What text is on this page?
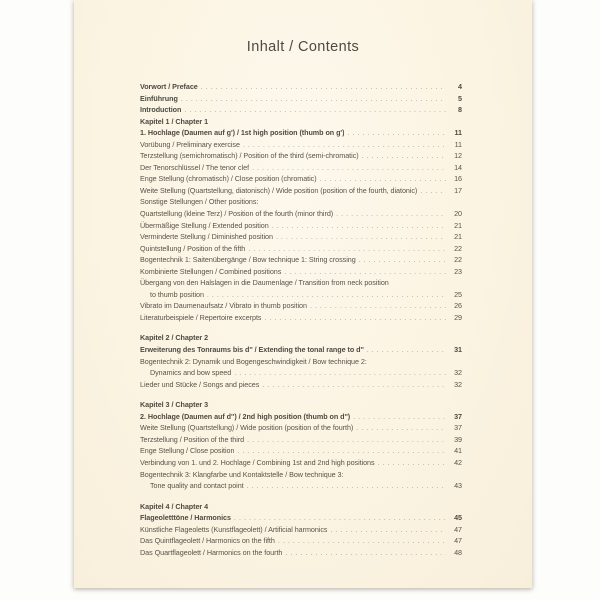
Inhalt / Contents
Vorwort / Preface . . .	4
Einführung . . .	5
Introduction . . .	8
Kapitel 1 / Chapter 1
1. Hochlage (Daumen auf g') / 1st high position (thumb on g') . . .	11
Vorübung / Preliminary exercise . . .	11
Terzstellung (semichromatisch) / Position of the third (semi-chromatic) . . .	12
Der Tenorschlüssel / The tenor clef . . .	14
Enge Stellung (chromatisch) / Close position (chromatic) . . .	16
Weite Stellung (Quartstellung, diatonisch) / Wide position (position of the fourth, diatonic) . . .	17
Sonstige Stellungen / Other positions:
Quartstellung (kleine Terz) / Position of the fourth (minor third) . . .	20
Übermäßige Stellung / Extended position . . .	21
Verminderte Stellung / Diminished position . . .	21
Quintstellung / Position of the fifth . . .	22
Bogentechnik 1: Saitenübergänge / Bow technique 1: String crossing . . .	22
Kombinierte Stellungen / Combined positions . . .	23
Übergang von den Halslagen in die Daumenlage / Transition from neck position
to thumb position . . .	25
Vibrato im Daumenaufsatz / Vibrato in thumb position . . .	26
Literaturbeispiele / Repertoire excerpts . . .	29
Kapitel 2 / Chapter 2
Erweiterung des Tonraums bis d'' / Extending the tonal range to d'' . . .	31
Bogentechnik 2: Dynamik und Bogengeschwindigkeit / Bow technique 2:
Dynamics and bow speed . . .	32
Lieder und Stücke / Songs and pieces . . .	32
Kapitel 3 / Chapter 3
2. Hochlage (Daumen auf d'') / 2nd high position (thumb on d'') . . .	37
Weite Stellung (Quartstellung) / Wide position (position of the fourth) . . .	37
Terzstellung / Position of the third . . .	39
Enge Stellung / Close position . . .	41
Verbindung von 1. und 2. Hochlage / Combining 1st and 2nd high positions . . .	42
Bogentechnik 3: Klangfarbe und Kontaktstelle / Bow technique 3:
Tone quality and contact point . . .	43
Kapitel 4 / Chapter 4
Flageoletttöne / Harmonics . . .	45
Künstliche Flageoletts (Kunstflageolett) / Artificial harmonics . . .	47
Das Quintflageolett / Harmonics on the fifth . . .	47
Das Quartflageolett / Harmonics on the fourth . . .	48
